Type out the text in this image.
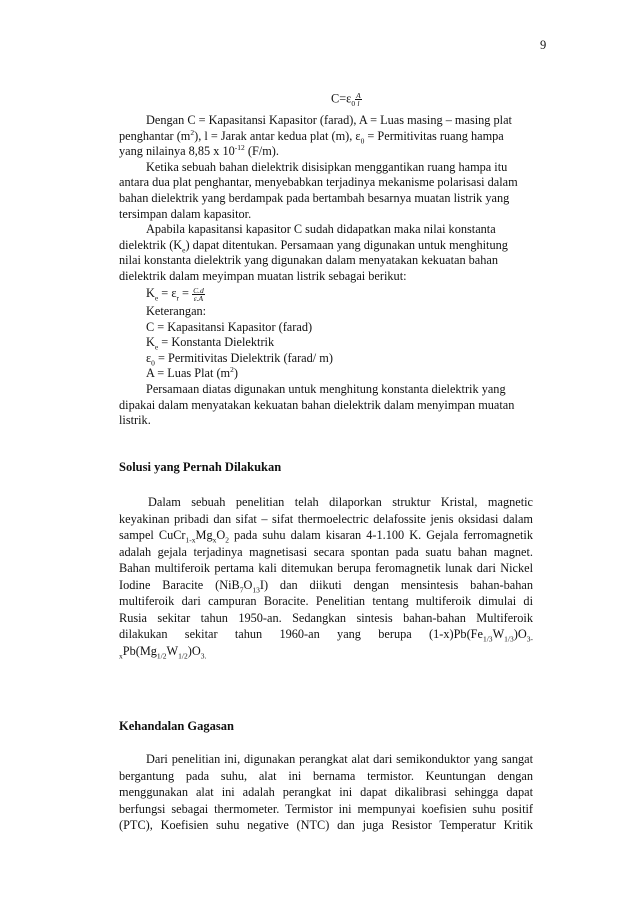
9
$C=\varepsilon_0 \frac{A}{l}$

Dengan C = Kapasitansi Kapasitor (farad), A = Luas masing – masing plat

penghantar $(m^2)$, l = Jarak antar kedua plat (m), $\varepsilon_0$ = Permitivitas ruang hampa

yang nilainya 8,85 x $10^{-12}$ (F/m).

Ketika sebuah bahan dielektrik disisipkan menggantikan ruang hampa itu

antara dua plat penghantar, menyebabkan terjadinya mekanisme polarisasi dalam

bahan dielektrik yang berdampak pada bertambah besarnya muatan listrik yang

tersimpan dalam kapasitor.

Apabila kapasitansi kapasitor C sudah didapatkan maka nilai konstanta

dielektrik $(K_e)$ dapat ditentukan. Persamaan yang digunakan untuk menghitung

nilai konstanta dielektrik yang digunakan dalam menyatakan kekuatan bahan

dielektrik dalam meyimpan muatan listrik sebagai berikut:

$K_e = \varepsilon_r = \frac{C.d}{\varepsilon.A}$

Keterangan:

C = Kapasitansi Kapasitor (farad)

$K_e$ = Konstanta Dielektrik

$\varepsilon_0$ = Permitivitas Dielektrik (farad/ m)

A = Luas Plat $(m^2)$

Persamaan diatas digunakan untuk menghitung konstanta dielektrik yang

dipakai dalam menyatakan kekuatan bahan dielektrik dalam menyimpan muatan

listrik.

Solusi yang Pernah Dilakukan

Dalam sebuah penelitian telah dilaporkan struktur Kristal, magnetic

keyakinan pribadi dan sifat – sifat thermoelectric delafossite jenis oksidasi dalam

sampel $CuCr_{1-x}Mg_xO_2$ pada suhu dalam kisaran 4-1.100 K. Gejala ferromagnetik

adalah gejala terjadinya magnetisasi secara spontan pada suatu bahan magnet.

Bahan multiferoik pertama kali ditemukan berupa feromagnetik lunak dari Nickel

Iodine Baracite $(NiB_7O_{13}I)$ dan diikuti dengan mensintesis bahan-bahan

multiferoik dari campuran Boracite. Penelitian tentang multiferoik dimulai di

Rusia sekitar tahun 1950-an. Sedangkan sintesis bahan-bahan Multiferoik

dilakukan sekitar tahun 1960-an yang berupa $(1-x)Pb(Fe_{1/3}W_{1/3})O_{3-}$

$_xPb(Mg_{1/2}W_{1/2})O_{3.}$

Kehandalan Gagasan

Dari penelitian ini, digunakan perangkat alat dari semikonduktor yang sangat

bergantung pada suhu, alat ini bernama termistor. Keuntungan dengan

menggunakan alat ini adalah perangkat ini dapat dikalibrasi sehingga dapat

berfungsi sebagai thermometer. Termistor ini mempunyai koefisien suhu positif

(PTC), Koefisien suhu negative (NTC) dan juga Resistor Temperatur Kritik
